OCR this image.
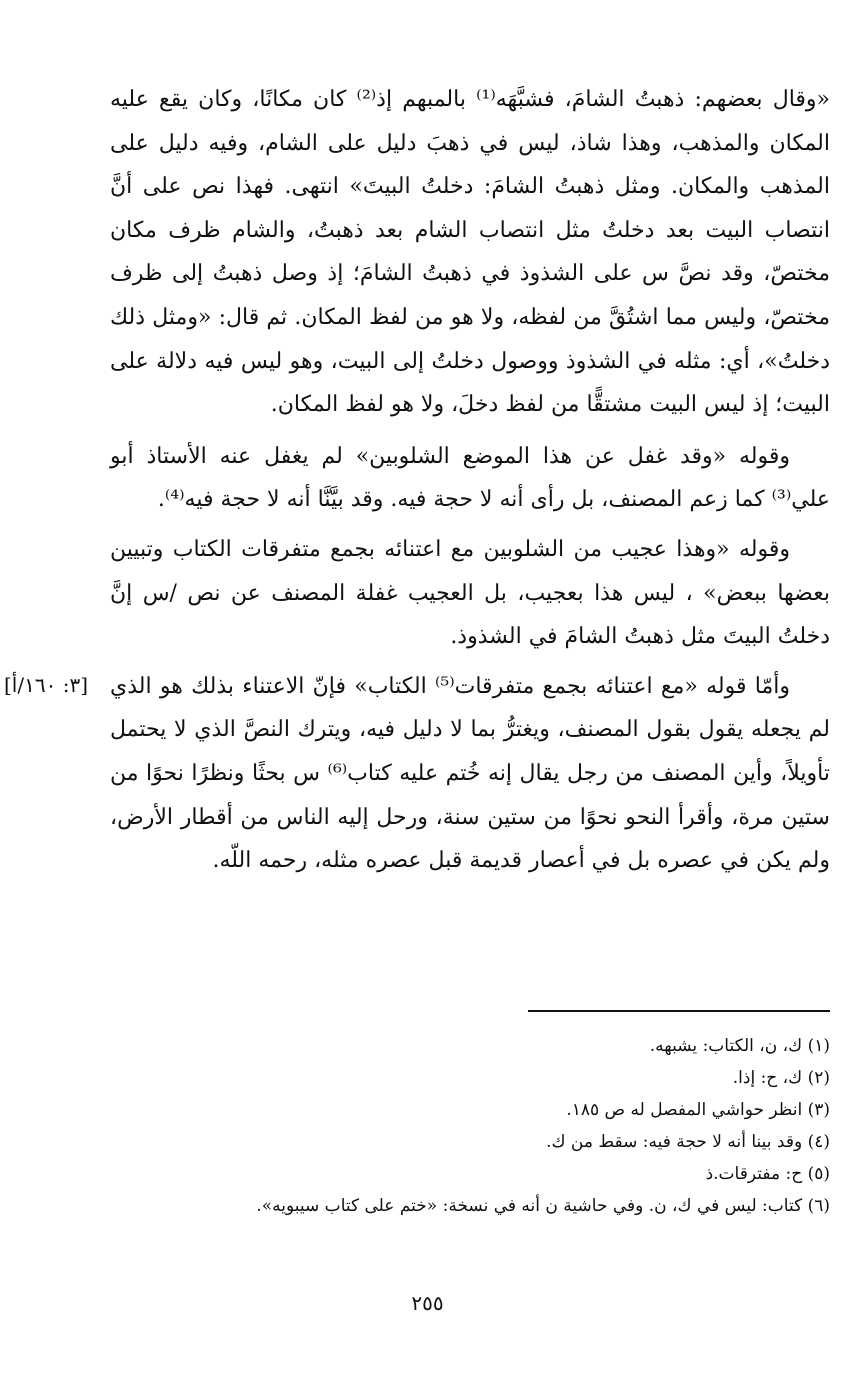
«وقال بعضهم: ذهبتُ الشامَ، فشبَّهَه⁽¹⁾ بالمبهم إذ⁽²⁾ كان مكانًا، وكان يقع عليه المكان والمذهب، وهذا شاذ، ليس في ذهبَ دليل على الشام، وفيه دليل على المذهب والمكان. ومثل ذهبتُ الشامَ: دخلتُ البيتَ» انتهى. فهذا نص على أنَّ انتصاب البيت بعد دخلتُ مثل انتصاب الشام بعد ذهبتُ، والشام ظرف مكان مختصّ، وقد نصَّ س على الشذوذ في ذهبتُ الشامَ؛ إذ وصل ذهبتُ إلى ظرف مختصّ، وليس مما اشتُقَّ من لفظه، ولا هو من لفظ المكان. ثم قال: «ومثل ذلك دخلتُ»، أي: مثله في الشذوذ ووصول دخلتُ إلى البيت، وهو ليس فيه دلالة على البيت؛ إذ ليس البيت مشتقًّا من لفظ دخلَ، ولا هو لفظ المكان.

وقوله «وقد غفل عن هذا الموضع الشلوبين» لم يغفل عنه الأستاذ أبو علي⁽³⁾ كما زعم المصنف، بل رأى أنه لا حجة فيه. وقد بيَّنَّا أنه لا حجة فيه⁽⁴⁾.

وقوله «وهذا عجيب من الشلوبين مع اعتنائه بجمع متفرقات الكتاب وتبيين بعضها ببعض» ، ليس هذا بعجيب، بل العجيب غفلة المصنف عن نص /س إنَّ دخلتُ البيتَ مثل ذهبتُ الشامَ في الشذوذ.

وأمّا قوله «مع اعتنائه بجمع متفرقات⁽⁵⁾ الكتاب» فإنّ الاعتناء بذلك هو الذي لم يجعله يقول بقول المصنف، ويغترُّ بما لا دليل فيه، ويترك النصَّ الذي لا يحتمل تأويلاً، وأين المصنف من رجل يقال إنه خُتم عليه كتاب⁽⁶⁾ س بحثًا ونظرًا نحوًا من ستين مرة، وأقرأ النحو نحوًا من ستين سنة، ورحل إليه الناس من أقطار الأرض، ولم يكن في عصره بل في أعصار قديمة قبل عصره مثله، رحمه اللّه.

[٣: ١٦٠/أ]

(١) ك، ن، الكتاب: يشبهه.

(٢) ك، ح: إذا.

(٣) انظر حواشي المفصل له ص ١٨٥.

(٤) وقد بينا أنه لا حجة فيه: سقط من ك.

(٥) ح: مفترقات.ذ

(٦) كتاب: ليس في ك، ن. وفي حاشية ن أنه في نسخة: «ختم على كتاب سيبويه».

٢٥٥
